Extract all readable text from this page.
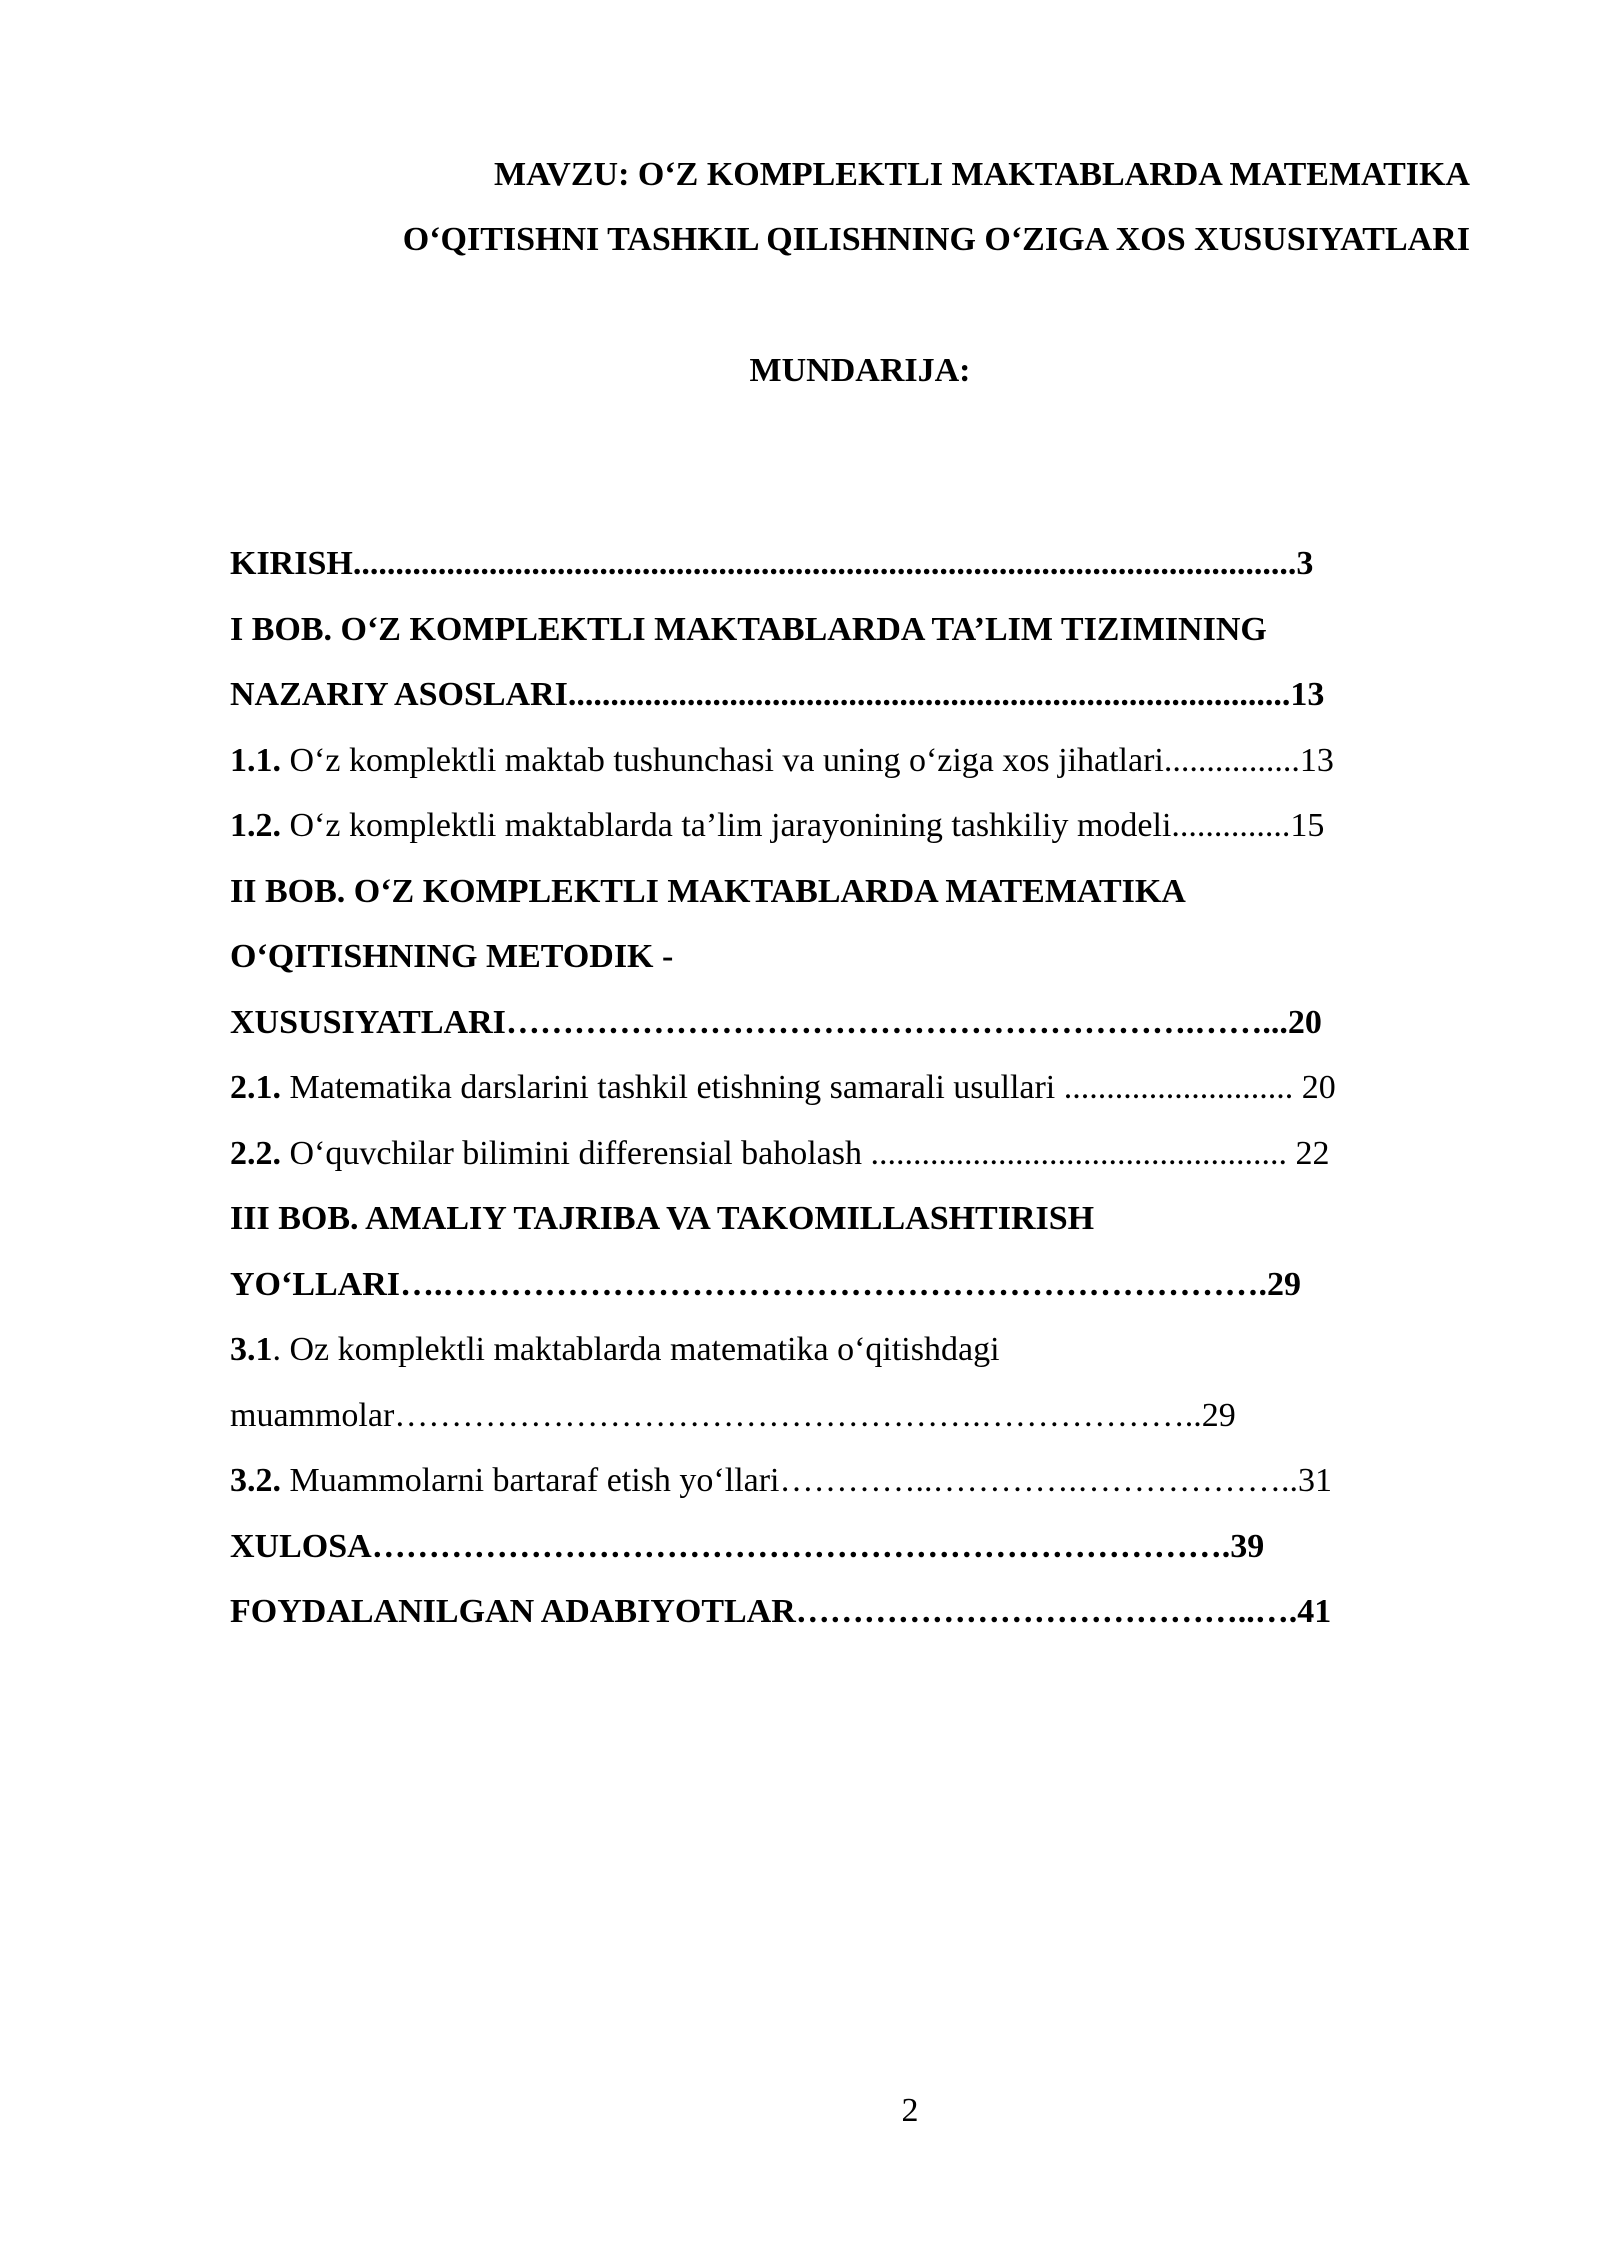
MAVZU: O‘Z KOMPLEKTLI MAKTABLARDA MATEMATIKA
O‘QITISHNI TASHKIL QILISHNING O‘ZIGA XOS XUSUSIYATLARI
MUNDARIJA:
KIRISH...............................................................................................................3
I BOB. O‘Z KOMPLEKTLI MAKTABLARDA TA’LIM TIZIMINING
NAZARIY ASOSLARI.....................................................................................13
1.1. O‘z komplektli maktab tushunchasi va uning o‘ziga xos jihatlari................13
1.2. O‘z komplektli maktablarda ta’lim jarayonining tashkiliy modeli..............15
II BOB. O‘Z KOMPLEKTLI MAKTABLARDA MATEMATIKA
O‘QITISHNING METODIK -
XUSUSIYATLARI…………………………………………………….……...20
2.1. Matematika darslarini tashkil etishning samarali usullari ........................... 20
2.2. O‘quvchilar bilimini differensial baholash ................................................. 22
III BOB. AMALIY TAJRIBA VA TAKOMILLASHTIRISH
YO‘LLARI….……………………………………………………………….29
3.1. Oz komplektli maktablarda matematika o‘qitishdagi
muammolar…………………………………………….………………..29
3.2. Muammolarni bartaraf etish yo‘llari…………..………….………………..31
XULOSA………………………………………………………………….39
FOYDALANILGAN ADABIYOTLAR…………………………………..….41
2
